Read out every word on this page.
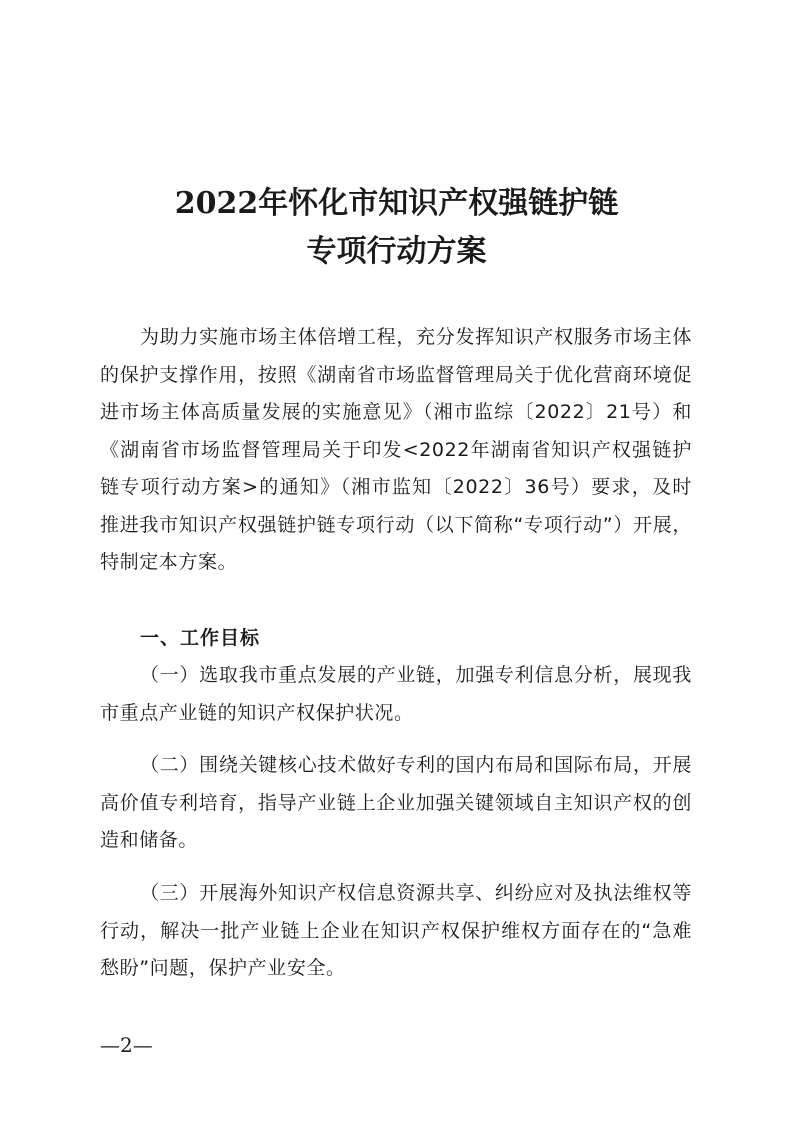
2022年怀化市知识产权强链护链
专项行动方案

为助力实施市场主体倍增工程，充分发挥知识产权服务市场主体的保护支撑作用，按照《湖南省市场监督管理局关于优化营商环境促进市场主体高质量发展的实施意见》（湘市监综〔2022〕21号）和《湖南省市场监督管理局关于印发<2022年湖南省知识产权强链护链专项行动方案>的通知》（湘市监知〔2022〕36号）要求，及时推进我市知识产权强链护链专项行动（以下简称“专项行动”）开展，特制定本方案。

一、工作目标

（一）选取我市重点发展的产业链，加强专利信息分析，展现我市重点产业链的知识产权保护状况。

（二）围绕关键核心技术做好专利的国内布局和国际布局，开展高价值专利培育，指导产业链上企业加强关键领域自主知识产权的创造和储备。

（三）开展海外知识产权信息资源共享、纠纷应对及执法维权等行动，解决一批产业链上企业在知识产权保护维权方面存在的“急难愁盼”问题，保护产业安全。

—2—
